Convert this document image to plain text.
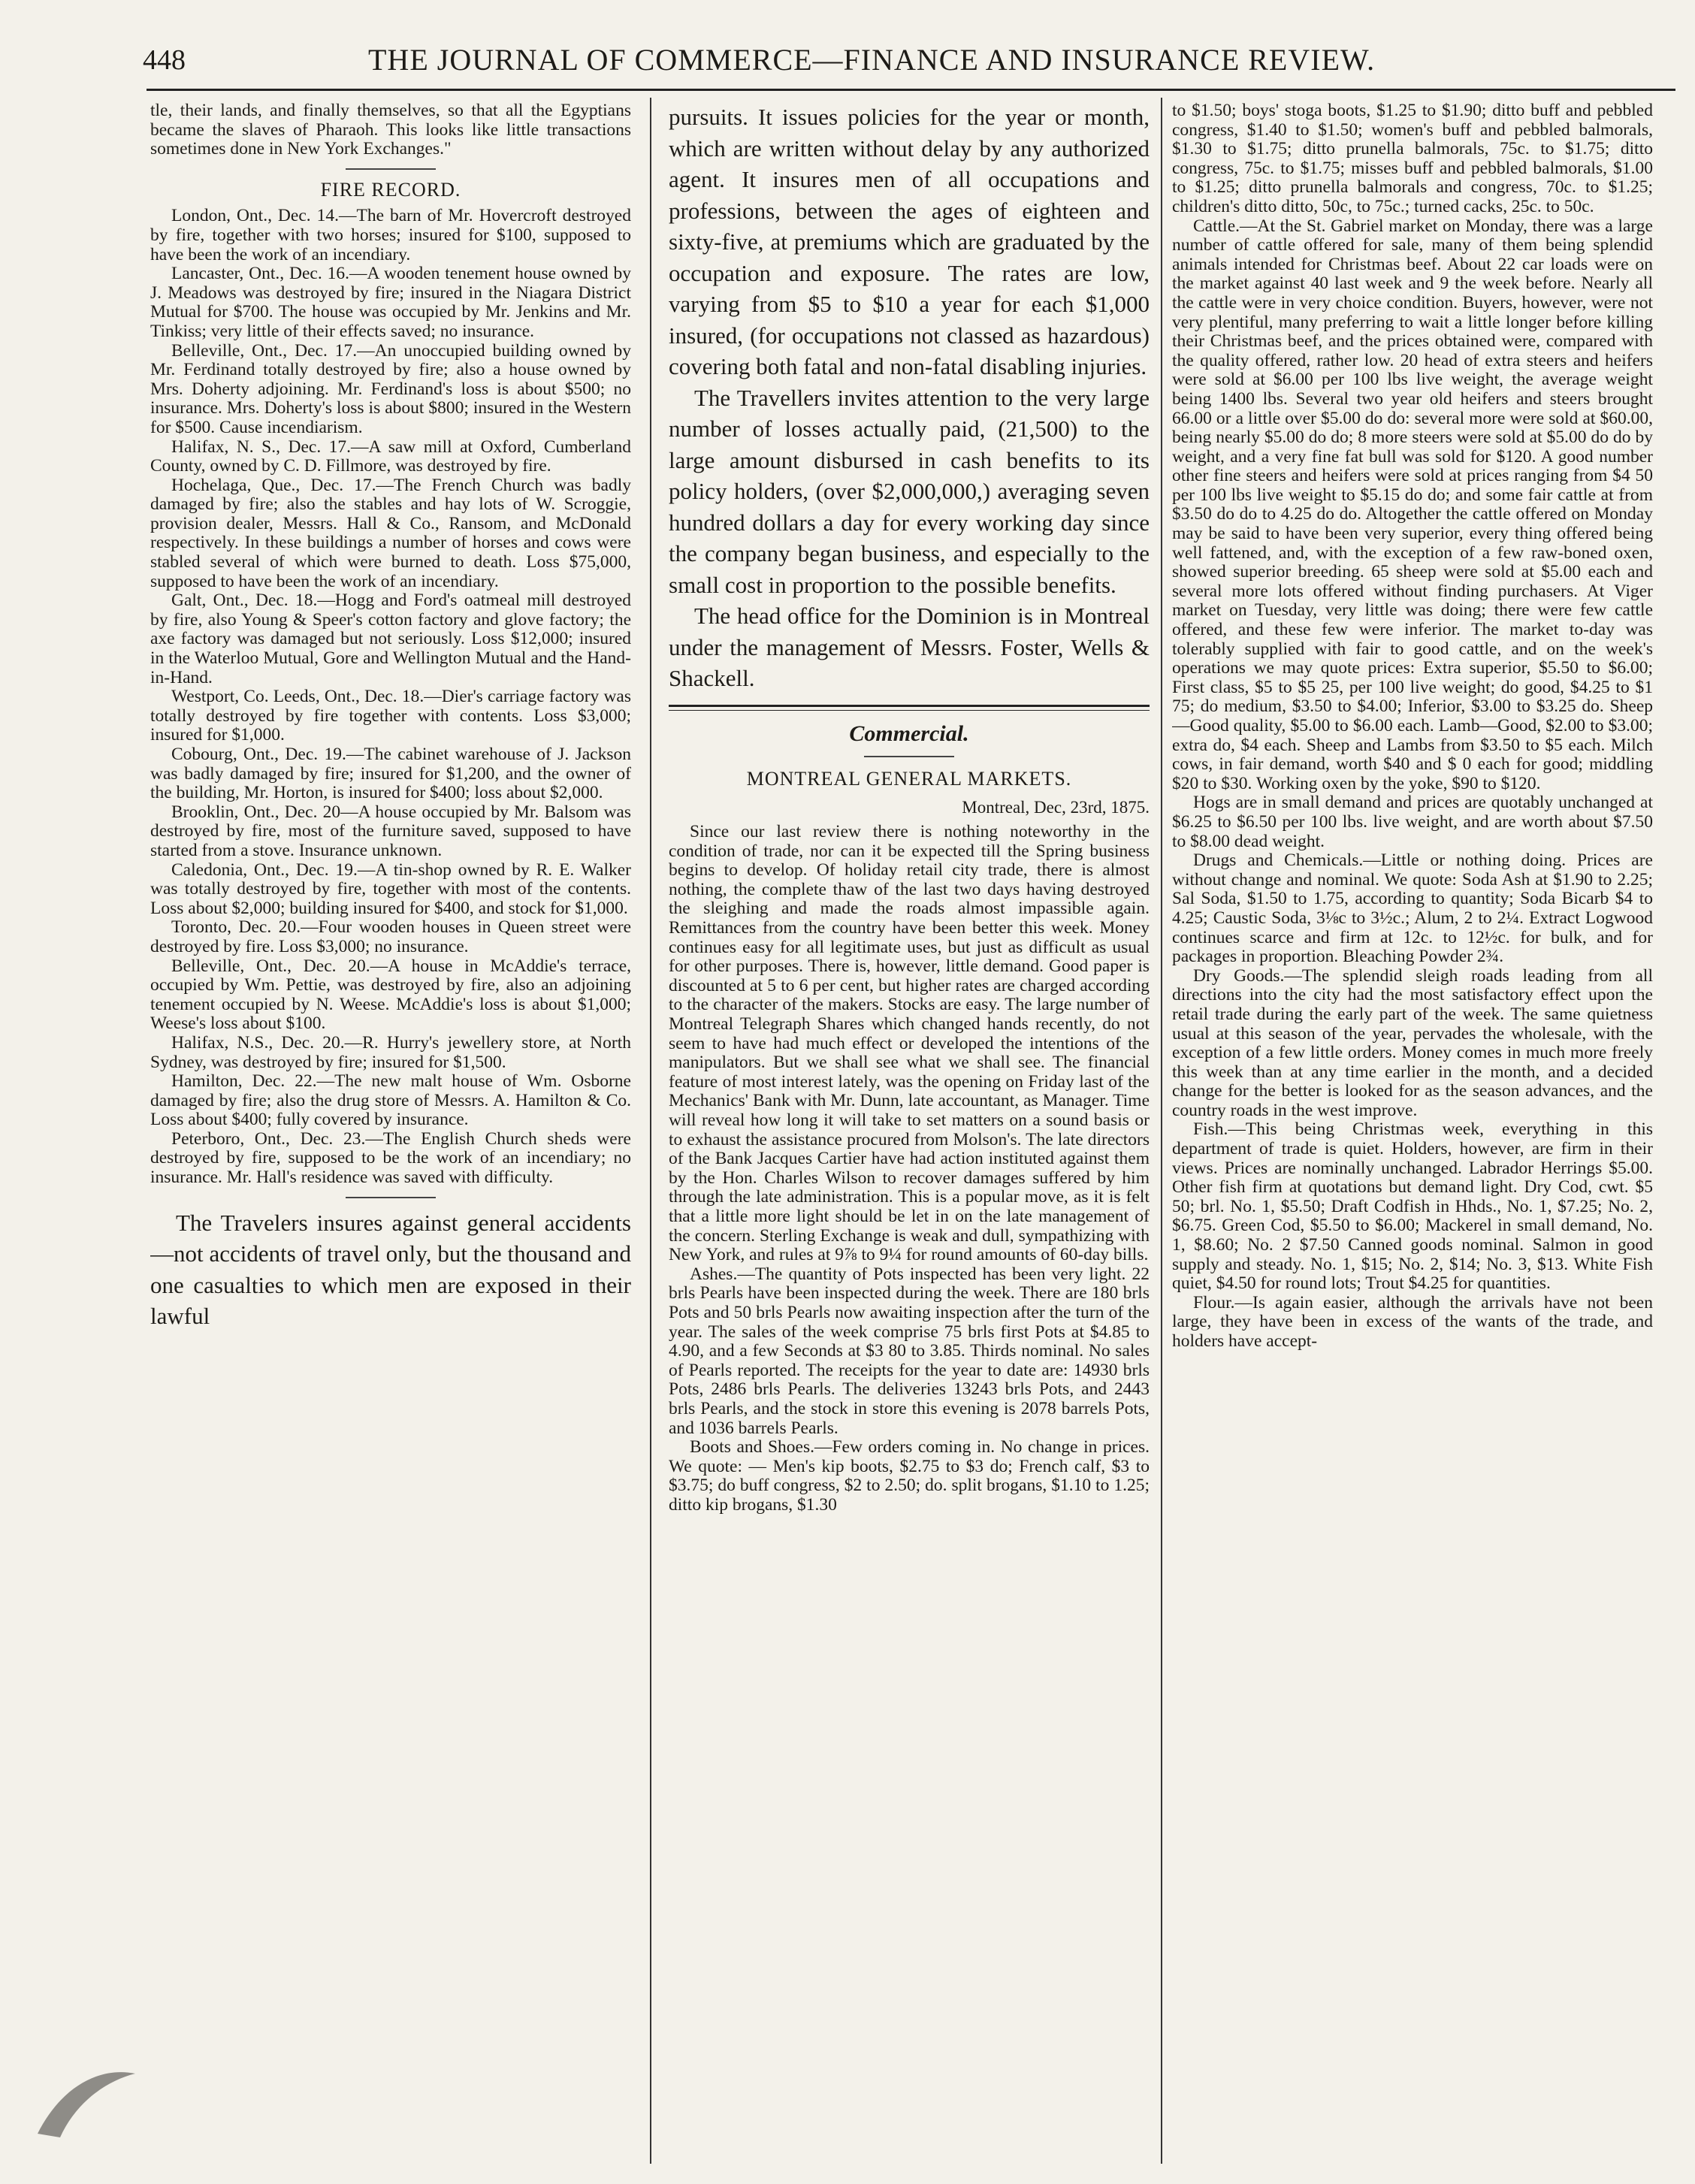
448	THE JOURNAL OF COMMERCE—FINANCE AND INSURANCE REVIEW.

tle, their lands, and finally themselves, so that all the Egyptians became the slaves of Pharaoh. This looks like little transactions sometimes done in New York Exchanges."

FIRE RECORD.

London, Ont., Dec. 14.—The barn of Mr. Hovercroft destroyed by fire, together with two horses; insured for $100, supposed to have been the work of an incendiary.

Lancaster, Ont., Dec. 16.—A wooden tenement house owned by J. Meadows was destroyed by fire; insured in the Niagara District Mutual for $700. The house was occupied by Mr. Jenkins and Mr. Tinkiss; very little of their effects saved; no insurance.

Belleville, Ont., Dec. 17.—An unoccupied building owned by Mr. Ferdinand totally destroyed by fire; also a house owned by Mrs. Doherty adjoining. Mr. Ferdinand's loss is about $500; no insurance. Mrs. Doherty's loss is about $800; insured in the Western for $500. Cause incendiarism.

Halifax, N. S., Dec. 17.—A saw mill at Oxford, Cumberland County, owned by C. D. Fillmore, was destroyed by fire.

Hochelaga, Que., Dec. 17.—The French Church was badly damaged by fire; also the stables and hay lots of W. Scroggie, provision dealer, Messrs. Hall & Co., Ransom, and McDonald respectively. In these buildings a number of horses and cows were stabled several of which were burned to death. Loss $75,000, supposed to have been the work of an incendiary.

Galt, Ont., Dec. 18.—Hogg and Ford's oatmeal mill destroyed by fire, also Young & Speer's cotton factory and glove factory; the axe factory was damaged but not seriously. Loss $12,000; insured in the Waterloo Mutual, Gore and Wellington Mutual and the Hand-in-Hand.

Westport, Co. Leeds, Ont., Dec. 18.—Dier's carriage factory was totally destroyed by fire together with contents. Loss $3,000; insured for $1,000.

Cobourg, Ont., Dec. 19.—The cabinet warehouse of J. Jackson was badly damaged by fire; insured for $1,200, and the owner of the building, Mr. Horton, is insured for $400; loss about $2,000.

Brooklin, Ont., Dec. 20—A house occupied by Mr. Balsom was destroyed by fire, most of the furniture saved, supposed to have started from a stove. Insurance unknown.

Caledonia, Ont., Dec. 19.—A tin-shop owned by R. E. Walker was totally destroyed by fire, together with most of the contents. Loss about $2,000; building insured for $400, and stock for $1,000.

Toronto, Dec. 20.—Four wooden houses in Queen street were destroyed by fire. Loss $3,000; no insurance.

Belleville, Ont., Dec. 20.—A house in McAddie's terrace, occupied by Wm. Pettie, was destroyed by fire, also an adjoining tenement occupied by N. Weese. McAddie's loss is about $1,000; Weese's loss about $100.

Halifax, N.S., Dec. 20.—R. Hurry's jewellery store, at North Sydney, was destroyed by fire; insured for $1,500.

Hamilton, Dec. 22.—The new malt house of Wm. Osborne damaged by fire; also the drug store of Messrs. A. Hamilton & Co. Loss about $400; fully covered by insurance.

Peterboro, Ont., Dec. 23.—The English Church sheds were destroyed by fire, supposed to be the work of an incendiary; no insurance. Mr. Hall's residence was saved with difficulty.

The Travelers insures against general accidents—not accidents of travel only, but the thousand and one casualties to which men are exposed in their lawful

pursuits. It issues policies for the year or month, which are written without delay by any authorized agent. It insures men of all occupations and professions, between the ages of eighteen and sixty-five, at premiums which are graduated by the occupation and exposure. The rates are low, varying from $5 to $10 a year for each $1,000 insured, (for occupations not classed as hazardous) covering both fatal and non-fatal disabling injuries.

The Travellers invites attention to the very large number of losses actually paid, (21,500) to the large amount disbursed in cash benefits to its policy holders, (over $2,000,000,) averaging seven hundred dollars a day for every working day since the company began business, and especially to the small cost in proportion to the possible benefits.

The head office for the Dominion is in Montreal under the management of Messrs. Foster, Wells & Shackell.

Commercial.
MONTREAL GENERAL MARKETS.
Montreal, Dec, 23rd, 1875.

Since our last review there is nothing noteworthy in the condition of trade, nor can it be expected till the Spring business begins to develop. Of holiday retail city trade, there is almost nothing, the complete thaw of the last two days having destroyed the sleighing and made the roads almost impassible again. Remittances from the country have been better this week. Money continues easy for all legitimate uses, but just as difficult as usual for other purposes. There is, however, little demand. Good paper is discounted at 5 to 6 per cent, but higher rates are charged according to the character of the makers. Stocks are easy. The large number of Montreal Telegraph Shares which changed hands recently, do not seem to have had much effect or developed the intentions of the manipulators. But we shall see what we shall see. The financial feature of most interest lately, was the opening on Friday last of the Mechanics' Bank with Mr. Dunn, late accountant, as Manager. Time will reveal how long it will take to set matters on a sound basis or to exhaust the assistance procured from Molson's. The late directors of the Bank Jacques Cartier have had action instituted against them by the Hon. Charles Wilson to recover damages suffered by him through the late administration. This is a popular move, as it is felt that a little more light should be let in on the late management of the concern. Sterling Exchange is weak and dull, sympathizing with New York, and rules at 9⅞ to 9¼ for round amounts of 60-day bills.

Ashes.—The quantity of Pots inspected has been very light. 22 brls Pearls have been inspected during the week. There are 180 brls Pots and 50 brls Pearls now awaiting inspection after the turn of the year. The sales of the week comprise 75 brls first Pots at $4.85 to 4.90, and a few Seconds at $3 80 to 3.85. Thirds nominal. No sales of Pearls reported. The receipts for the year to date are: 14930 brls Pots, 2486 brls Pearls. The deliveries 13243 brls Pots, and 2443 brls Pearls, and the stock in store this evening is 2078 barrels Pots, and 1036 barrels Pearls.

Boots and Shoes.—Few orders coming in. No change in prices. We quote: — Men's kip boots, $2.75 to $3 do; French calf, $3 to $3.75; do buff congress, $2 to 2.50; do. split brogans, $1.10 to 1.25; ditto kip brogans, $1.30

to $1.50; boys' stoga boots, $1.25 to $1.90; ditto buff and pebbled congress, $1.40 to $1.50; women's buff and pebbled balmorals, $1.30 to $1.75; ditto prunella balmorals, 75c. to $1.75; ditto congress, 75c. to $1.75; misses buff and pebbled balmorals, $1.00 to $1.25; ditto prunella balmorals and congress, 70c. to $1.25; children's ditto ditto, 50c, to 75c.; turned cacks, 25c. to 50c.

Cattle.—At the St. Gabriel market on Monday, there was a large number of cattle offered for sale, many of them being splendid animals intended for Christmas beef. About 22 car loads were on the market against 40 last week and 9 the week before. Nearly all the cattle were in very choice condition. Buyers, however, were not very plentiful, many preferring to wait a little longer before killing their Christmas beef, and the prices obtained were, compared with the quality offered, rather low. 20 head of extra steers and heifers were sold at $6.00 per 100 lbs live weight, the average weight being 1400 lbs. Several two year old heifers and steers brought 66.00 or a little over $5.00 do do: several more were sold at $60.00, being nearly $5.00 do do; 8 more steers were sold at $5.00 do do by weight, and a very fine fat bull was sold for $120. A good number other fine steers and heifers were sold at prices ranging from $4 50 per 100 lbs live weight to $5.15 do do; and some fair cattle at from $3.50 do do to 4.25 do do. Altogether the cattle offered on Monday may be said to have been very superior, every thing offered being well fattened, and, with the exception of a few raw-boned oxen, showed superior breeding. 65 sheep were sold at $5.00 each and several more lots offered without finding purchasers. At Viger market on Tuesday, very little was doing; there were few cattle offered, and these few were inferior. The market to-day was tolerably supplied with fair to good cattle, and on the week's operations we may quote prices: Extra superior, $5.50 to $6.00; First class, $5 to $5 25, per 100 live weight; do good, $4.25 to $1 75; do medium, $3.50 to $4.00; Inferior, $3.00 to $3.25 do. Sheep—Good quality, $5.00 to $6.00 each. Lamb—Good, $2.00 to $3.00; extra do, $4 each. Sheep and Lambs from $3.50 to $5 each. Milch cows, in fair demand, worth $40 and $ 0 each for good; middling $20 to $30. Working oxen by the yoke, $90 to $120.

Hogs are in small demand and prices are quotably unchanged at $6.25 to $6.50 per 100 lbs. live weight, and are worth about $7.50 to $8.00 dead weight.

Drugs and Chemicals.—Little or nothing doing. Prices are without change and nominal. We quote: Soda Ash at $1.90 to 2.25; Sal Soda, $1.50 to 1.75, according to quantity; Soda Bicarb $4 to 4.25; Caustic Soda, 3⅛c to 3½c.; Alum, 2 to 2¼. Extract Logwood continues scarce and firm at 12c. to 12½c. for bulk, and for packages in proportion. Bleaching Powder 2¾.

Dry Goods.—The splendid sleigh roads leading from all directions into the city had the most satisfactory effect upon the retail trade during the early part of the week. The same quietness usual at this season of the year, pervades the wholesale, with the exception of a few little orders. Money comes in much more freely this week than at any time earlier in the month, and a decided change for the better is looked for as the season advances, and the country roads in the west improve.

Fish.—This being Christmas week, everything in this department of trade is quiet. Holders, however, are firm in their views. Prices are nominally unchanged. Labrador Herrings $5.00. Other fish firm at quotations but demand light. Dry Cod, cwt. $5 50; brl. No. 1, $5.50; Draft Codfish in Hhds., No. 1, $7.25; No. 2, $6.75. Green Cod, $5.50 to $6.00; Mackerel in small demand, No. 1, $8.60; No. 2 $7.50 Canned goods nominal. Salmon in good supply and steady. No. 1, $15; No. 2, $14; No. 3, $13. White Fish quiet, $4.50 for round lots; Trout $4.25 for quantities.

Flour.—Is again easier, although the arrivals have not been large, they have been in excess of the wants of the trade, and holders have accept-
